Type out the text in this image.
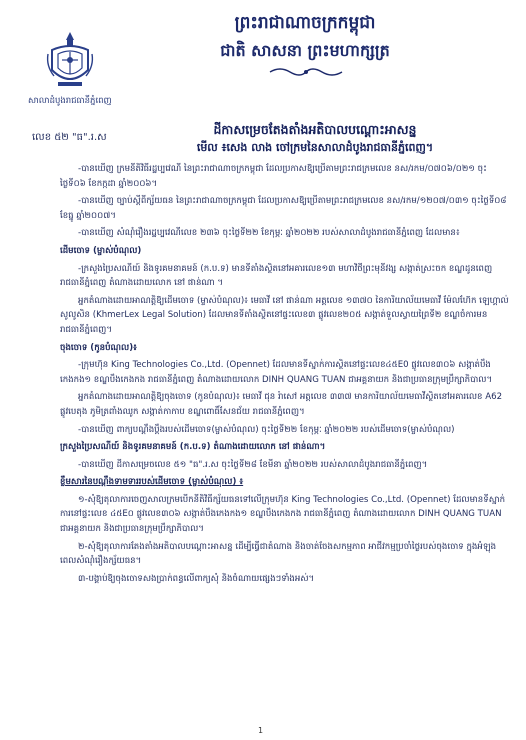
សាលាដំបូងរាជធានីភ្នំពេញ
ព្រះរាជាណាចក្រកម្ពុជា
ជាតិ សាសនា ព្រះមហាក្សត្រ
លេខ ៥២ "ធ".រ.ស
ដីកាសម្រេចតែងតាំងអតិបាលបណ្ដោះអាសន្ន
មើល ៖សេង លាង ចៅក្រមនៃសាលាដំបូងរាជធានីភ្នំពេញ។

-បានឃើញ ក្រមនីតិវិធីរដ្ឋប្បវេណី នៃព្រះរាជាណាចក្រកម្ពុជា ដែលប្រកាសឱ្យប្រើតាមព្រះរាជក្រមលេខ នស/រកម/០៧០៦/០២១ ចុះថ្ងៃទី០៦ ខែកក្កដា ឆ្នាំ២០០៦។

-បានឃើញ ច្បាប់ស្តីពីក្ស័យធន នៃព្រះរាជាណាចក្រកម្ពុជា ដែលប្រកាសឱ្យប្រើតាមព្រះរាជក្រមលេខ នស/រកម/១២០៧/០៣១ ចុះថ្ងៃទី០៨ ខែធ្នូ ឆ្នាំ២០០៧។

-បានឃើញ សំណុំរឿងរដ្ឋប្បវេណីលេខ ២៣៦ ចុះថ្ងៃទី២២ ខែកុម្ភៈ ឆ្នាំ២០២២ របស់សាលាដំបូងរាជធានីភ្នំពេញ ដែលមាន៖

ដើមចោទ (ម្ចាស់បំណុល)

-ក្រសួងប្រៃសណីយ៍ និងទូរគមនាគមន៍ (ក.ប.ទ) មានទីតាំងស្ថិតនៅអគារលេខ១៣ មហាវិថីព្រះមុនីវង្ស សង្កាត់ស្រះចក ខណ្ឌដូនពេញ រាជធានីភ្នំពេញ តំណាងដោយលោក នៅ ផាន់ណា ។

អ្នកតំណាងដោយអាណត្តិឱ្យដើមចោទ (ម្ចាស់បំណុល)៖ មេធាវី នៅ ផាន់ណា អត្តលេខ ១៣៧០ នៃការិយាល័យមេធាវី ម៉ែលហ៊ែក ឡេហ្គាល់ សូលូសិន (KhmerLex Legal Solution) ដែលមានទីតាំងស្ថិតនៅផ្ទះលេខ៣ ផ្លូវលេខ២០៥ សង្កាត់ទួលស្វាយព្រៃទី២ ខណ្ឌចំការមន រាជធានីភ្នំពេញ។

ចុងចោទ (កូនបំណុល)៖

-ក្រុមហ៊ុន King Technologies Co.,Ltd. (Opennet) ដែលមានទីស្នាក់ការស្ថិតនៅផ្ទះលេខ៤៥E0 ផ្លូវលេខ៣០៦ សង្កាត់បឹងកេងកង១ ខណ្ឌបឹងកេងកង រាជធានីភ្នំពេញ តំណាងដោយលោក DINH QUANG TUAN ជាអគ្គនាយក និងជាប្រធានក្រុមប្រឹក្សាភិបាល។

អ្នកតំណាងដោយអាណត្តិឱ្យចុងចោទ (កូនបំណុល)៖ មេធាវី ជុន រ៉ាសៅ អត្តលេខ ៣៣៧ មានការិយាល័យមេធាវីស្ថិតនៅអគារលេខ A62 ផ្លូវបេតុង ភូមិត្រពាំងឈូក សង្កាត់កាកាប ខណ្ឌពោធិ៍សែនជ័យ រាជធានីភ្នំពេញ។

-បានឃើញ ពាក្យបណ្ដឹងប្ដឹងរបស់ដើមចោទ(ម្ចាស់បំណុល) ចុះថ្ងៃទី២២ ខែកុម្ភៈ ឆ្នាំ២០២២ របស់ដើមចោទ(ម្ចាស់បំណុល)

ក្រសួងប្រៃសណីយ៍ និងទូរគមនាគមន៍ (ក.ប.ទ) តំណាងដោយលោក នៅ ផាន់ណា។

-បានឃើញ ដីកាសម្រេចលេខ ៥១ "ធ".រ.ស ចុះថ្ងៃទី២៨ ខែមីនា ឆ្នាំ២០២២ របស់សាលាដំបូងរាជធានីភ្នំពេញ។

ខ្លឹមសារនៃបណ្ដឹងទាមទាររបស់ដើមចោទ (ម្ចាស់បំណុល) ៖

១-សុំឱ្យតុលាការចេញសាលក្រមបើកនីតិវិធីក្ស័យធនទៅលើក្រុមហ៊ុន King Technologies Co.,Ltd. (Opennet) ដែលមានទីស្នាក់ការនៅផ្ទះលេខ ៤៥E០ ផ្លូវលេខ៣០៦ សង្កាត់បឹងកេងកង១ ខណ្ឌបឹងកេងកង រាជធានីភ្នំពេញ តំណាងដោយលោក DINH QUANG TUAN ជាអគ្គនាយក និងជាប្រធានក្រុមប្រឹក្សាភិបាល។

២-សុំឱ្យតុលាការតែងតាំងអតិបាលបណ្ដោះអាសន្ន ដើម្បីធ្វើជាតំណាង និងចាត់ចែងសកម្មភាព អាជីវកម្មប្រចាំថ្ងៃរបស់ចុងចោទ ក្នុងអំឡុងពេលសំណុំរឿងក្ស័យធន។

៣-បង្គាប់ឱ្យចុងចោទសងប្រាក់ពន្ធលើពាក្យសុំ និងចំណាយផ្សេងៗទាំងអស់។

1
